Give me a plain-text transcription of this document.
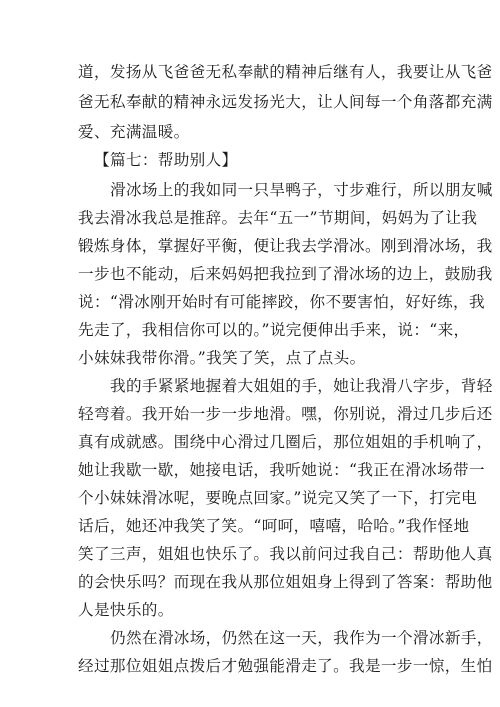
道，发扬从飞爸爸无私奉献的精神后继有人，我要让从飞爸
爸无私奉献的精神永远发扬光大，让人间每一个角落都充满
爱、充满温暖。
【篇七：帮助别人】
滑冰场上的我如同一只旱鸭子，寸步难行，所以朋友喊
我去滑冰我总是推辞。去年“五一”节期间，妈妈为了让我
锻炼身体，掌握好平衡，便让我去学滑冰。刚到滑冰场，我
一步也不能动，后来妈妈把我拉到了滑冰场的边上，鼓励我
说：“滑冰刚开始时有可能摔跤，你不要害怕，好好练，我
先走了，我相信你可以的。”说完便伸出手来，说：“来，
小妹妹我带你滑。”我笑了笑，点了点头。
我的手紧紧地握着大姐姐的手，她让我滑八字步，背轻
轻弯着。我开始一步一步地滑。嘿，你别说，滑过几步后还
真有成就感。围绕中心滑过几圈后，那位姐姐的手机响了，
她让我歇一歇，她接电话，我听她说：“我正在滑冰场带一
个小妹妹滑冰呢，要晚点回家。”说完又笑了一下，打完电
话后，她还冲我笑了笑。“呵呵，嘻嘻，哈哈。”我作怪地
笑了三声，姐姐也快乐了。我以前问过我自己：帮助他人真
的会快乐吗？而现在我从那位姐姐身上得到了答案：帮助他
人是快乐的。
仍然在滑冰场，仍然在这一天，我作为一个滑冰新手，
经过那位姐姐点拨后才勉强能滑走了。我是一步一惊，生怕
